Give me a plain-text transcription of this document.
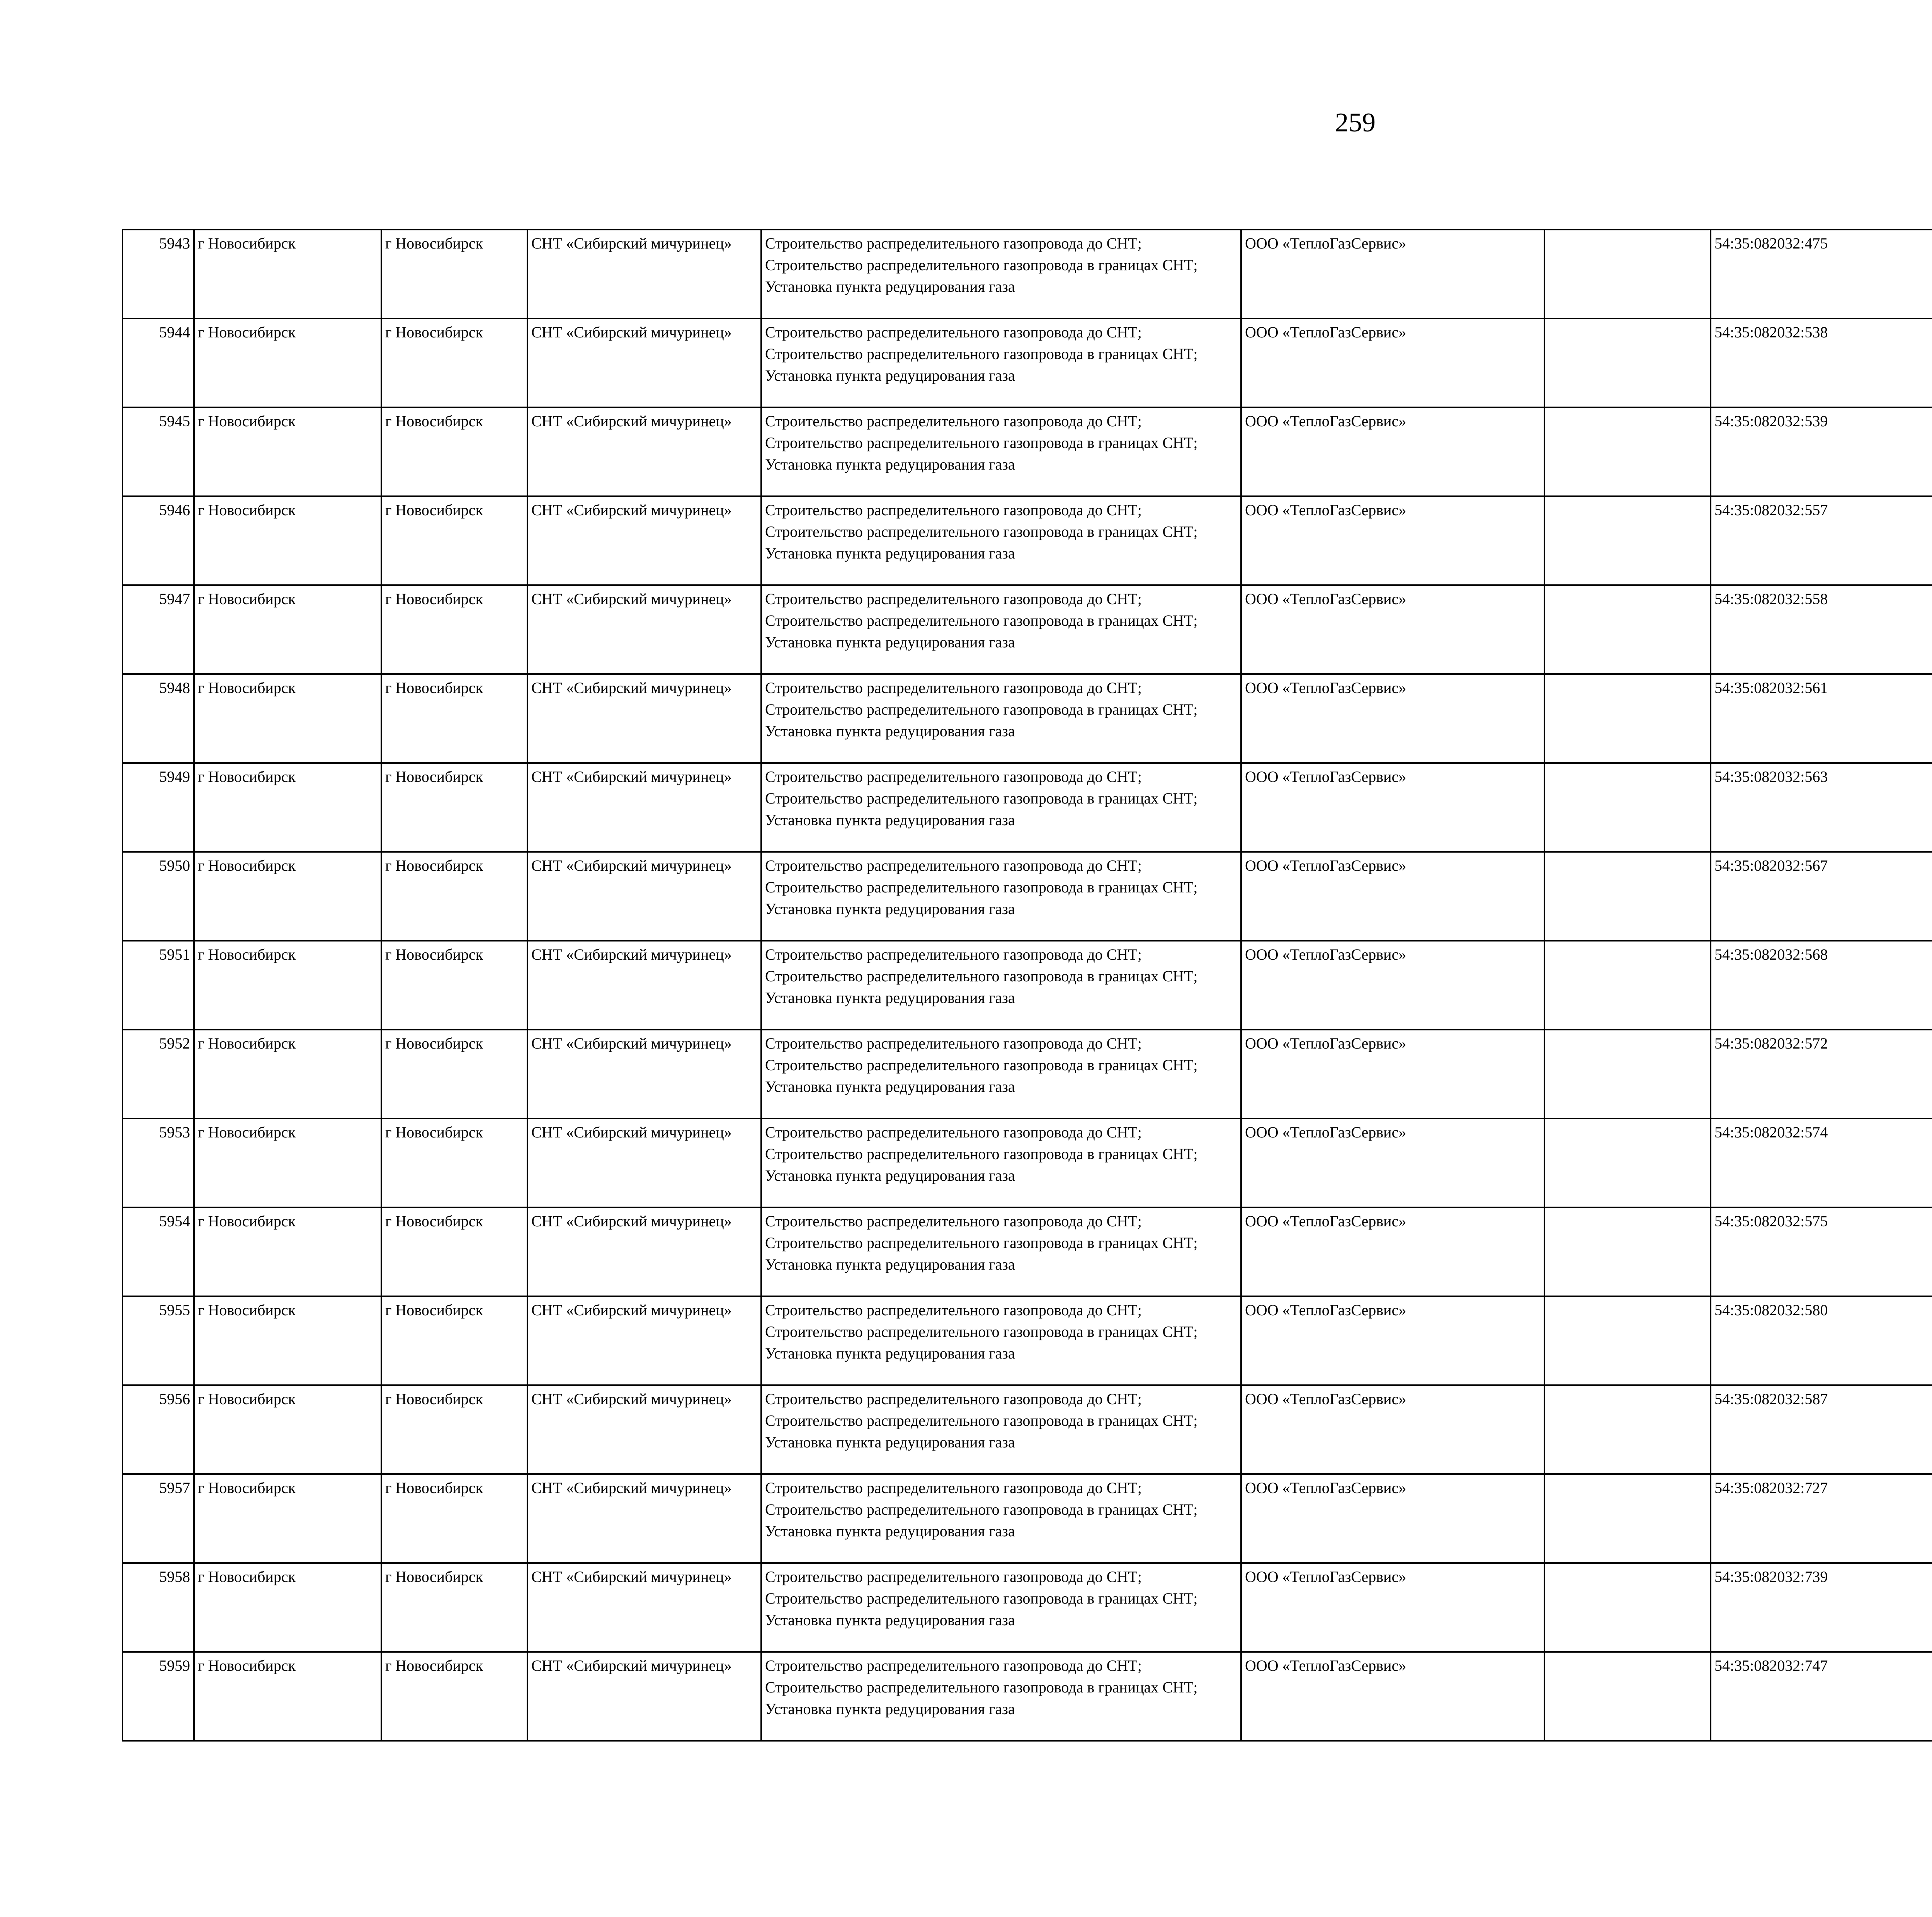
259
5943	г Новосибирск	г Новосибирск	СНТ «Сибирский мичуринец»	Строительство распределительного газопровода до СНТ; Строительство распределительного газопровода в границах СНТ; Установка пункта редуцирования газа	ООО «ТеплоГазСервис»		54:35:082032:475					
5944	г Новосибирск	г Новосибирск	СНТ «Сибирский мичуринец»	Строительство распределительного газопровода до СНТ; Строительство распределительного газопровода в границах СНТ; Установка пункта редуцирования газа	ООО «ТеплоГазСервис»		54:35:082032:538					
5945	г Новосибирск	г Новосибирск	СНТ «Сибирский мичуринец»	Строительство распределительного газопровода до СНТ; Строительство распределительного газопровода в границах СНТ; Установка пункта редуцирования газа	ООО «ТеплоГазСервис»		54:35:082032:539					
5946	г Новосибирск	г Новосибирск	СНТ «Сибирский мичуринец»	Строительство распределительного газопровода до СНТ; Строительство распределительного газопровода в границах СНТ; Установка пункта редуцирования газа	ООО «ТеплоГазСервис»		54:35:082032:557					
5947	г Новосибирск	г Новосибирск	СНТ «Сибирский мичуринец»	Строительство распределительного газопровода до СНТ; Строительство распределительного газопровода в границах СНТ; Установка пункта редуцирования газа	ООО «ТеплоГазСервис»		54:35:082032:558					
5948	г Новосибирск	г Новосибирск	СНТ «Сибирский мичуринец»	Строительство распределительного газопровода до СНТ; Строительство распределительного газопровода в границах СНТ; Установка пункта редуцирования газа	ООО «ТеплоГазСервис»		54:35:082032:561					
5949	г Новосибирск	г Новосибирск	СНТ «Сибирский мичуринец»	Строительство распределительного газопровода до СНТ; Строительство распределительного газопровода в границах СНТ; Установка пункта редуцирования газа	ООО «ТеплоГазСервис»		54:35:082032:563					
5950	г Новосибирск	г Новосибирск	СНТ «Сибирский мичуринец»	Строительство распределительного газопровода до СНТ; Строительство распределительного газопровода в границах СНТ; Установка пункта редуцирования газа	ООО «ТеплоГазСервис»		54:35:082032:567					
5951	г Новосибирск	г Новосибирск	СНТ «Сибирский мичуринец»	Строительство распределительного газопровода до СНТ; Строительство распределительного газопровода в границах СНТ; Установка пункта редуцирования газа	ООО «ТеплоГазСервис»		54:35:082032:568					
5952	г Новосибирск	г Новосибирск	СНТ «Сибирский мичуринец»	Строительство распределительного газопровода до СНТ; Строительство распределительного газопровода в границах СНТ; Установка пункта редуцирования газа	ООО «ТеплоГазСервис»		54:35:082032:572					
5953	г Новосибирск	г Новосибирск	СНТ «Сибирский мичуринец»	Строительство распределительного газопровода до СНТ; Строительство распределительного газопровода в границах СНТ; Установка пункта редуцирования газа	ООО «ТеплоГазСервис»		54:35:082032:574					
5954	г Новосибирск	г Новосибирск	СНТ «Сибирский мичуринец»	Строительство распределительного газопровода до СНТ; Строительство распределительного газопровода в границах СНТ; Установка пункта редуцирования газа	ООО «ТеплоГазСервис»		54:35:082032:575					
5955	г Новосибирск	г Новосибирск	СНТ «Сибирский мичуринец»	Строительство распределительного газопровода до СНТ; Строительство распределительного газопровода в границах СНТ; Установка пункта редуцирования газа	ООО «ТеплоГазСервис»		54:35:082032:580					
5956	г Новосибирск	г Новосибирск	СНТ «Сибирский мичуринец»	Строительство распределительного газопровода до СНТ; Строительство распределительного газопровода в границах СНТ; Установка пункта редуцирования газа	ООО «ТеплоГазСервис»		54:35:082032:587					
5957	г Новосибирск	г Новосибирск	СНТ «Сибирский мичуринец»	Строительство распределительного газопровода до СНТ; Строительство распределительного газопровода в границах СНТ; Установка пункта редуцирования газа	ООО «ТеплоГазСервис»		54:35:082032:727					
5958	г Новосибирск	г Новосибирск	СНТ «Сибирский мичуринец»	Строительство распределительного газопровода до СНТ; Строительство распределительного газопровода в границах СНТ; Установка пункта редуцирования газа	ООО «ТеплоГазСервис»		54:35:082032:739					
5959	г Новосибирск	г Новосибирск	СНТ «Сибирский мичуринец»	Строительство распределительного газопровода до СНТ; Строительство распределительного газопровода в границах СНТ; Установка пункта редуцирования газа	ООО «ТеплоГазСервис»		54:35:082032:747					
